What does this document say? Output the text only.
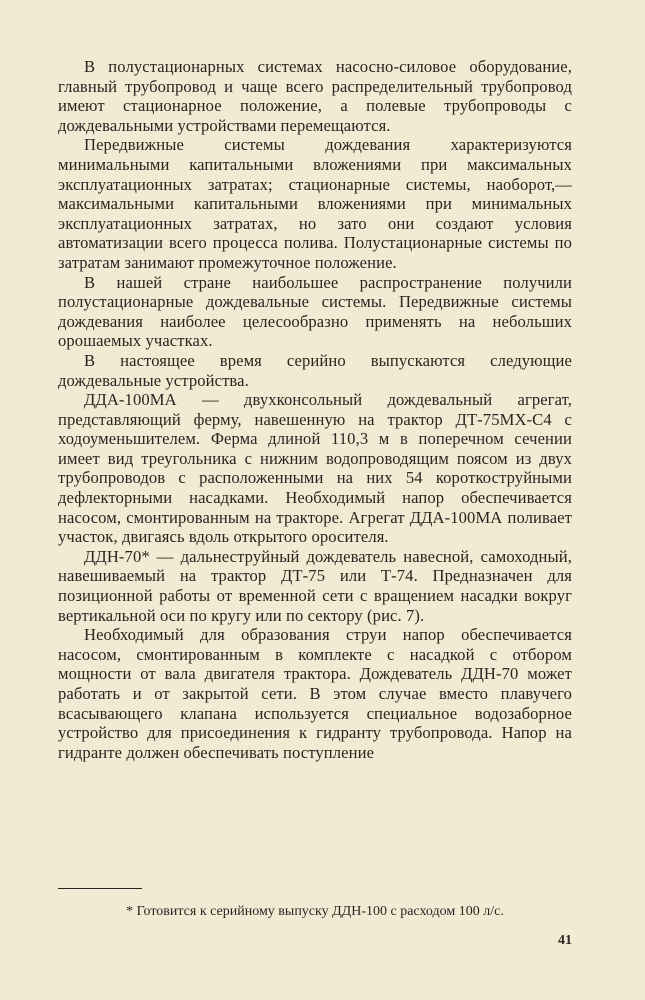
В полустационарных системах насосно-силовое оборудование, главный трубопровод и чаще всего распределительный трубопровод имеют стационарное положение, а полевые трубопроводы с дождевальными устройствами перемещаются.

Передвижные системы дождевания характеризуются минимальными капитальными вложениями при максимальных эксплуатационных затратах; стационарные системы, наоборот,— максимальными капитальными вложениями при минимальных эксплуатационных затратах, но зато они создают условия автоматизации всего процесса полива. Полустационарные системы по затратам занимают промежуточное положение.

В нашей стране наибольшее распространение получили полустационарные дождевальные системы. Передвижные системы дождевания наиболее целесообразно применять на небольших орошаемых участках.

В настоящее время серийно выпускаются следующие дождевальные устройства.

ДДА-100МА — двухконсольный дождевальный агрегат, представляющий ферму, навешенную на трактор ДТ-75МХ-С4 с ходоуменьшителем. Ферма длиной 110,3 м в поперечном сечении имеет вид треугольника с нижним водопроводящим поясом из двух трубопроводов с расположенными на них 54 короткоструйными дефлекторными насадками. Необходимый напор обеспечивается насосом, смонтированным на тракторе. Агрегат ДДА-100МА поливает участок, двигаясь вдоль открытого оросителя.

ДДН-70* — дальнеструйный дождеватель навесной, самоходный, навешиваемый на трактор ДТ-75 или Т-74. Предназначен для позиционной работы от временной сети с вращением насадки вокруг вертикальной оси по кругу или по сектору (рис. 7).

Необходимый для образования струи напор обеспечивается насосом, смонтированным в комплекте с насадкой с отбором мощности от вала двигателя трактора. Дождеватель ДДН-70 может работать и от закрытой сети. В этом случае вместо плавучего всасывающего клапана используется специальное водозаборное устройство для присоединения к гидранту трубопровода. Напор на гидранте должен обеспечивать поступление

* Готовится к серийному выпуску ДДН-100 с расходом 100 л/с.
41
